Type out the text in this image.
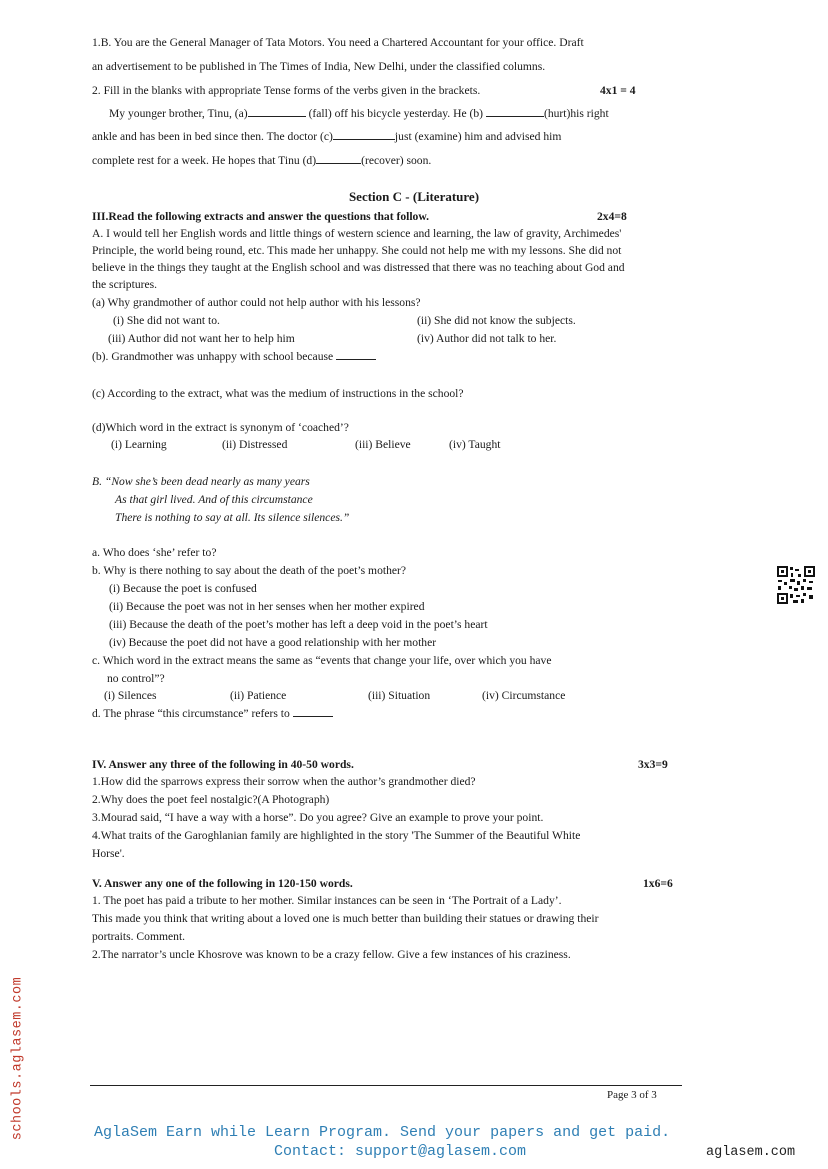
1.B. You are the General Manager of Tata Motors. You need a Chartered Accountant for your office. Draft
an advertisement to be published in The Times of India, New Delhi, under the classified columns.
2. Fill in the blanks with appropriate Tense forms of the verbs given in the brackets.	4x1 = 4
My younger brother, Tinu, (a)	(fall) off his bicycle yesterday. He (b)	(hurt)his right
ankle and has been in bed since then. The doctor (c)	just (examine) him and advised him
complete rest for a week. He hopes that Tinu (d)	(recover) soon.
Section C - (Literature)
III.Read the following extracts and answer the questions that follow.	2x4=8
A. I would tell her English words and little things of western science and learning, the law of gravity, Archimedes'
Principle, the world being round, etc. This made her unhappy. She could not help me with my lessons. She did not
believe in the things they taught at the English school and was distressed that there was no teaching about God and
the scriptures.
(a) Why grandmother of author could not help author with his lessons?
(i) She did not want to.	(ii) She did not know the subjects.
(iii) Author did not want her to help him	(iv) Author did not talk to her.
(b). Grandmother was unhappy with school because
(c) According to the extract, what was the medium of instructions in the school?
(d)Which word in the extract is synonym of ‘coached’?
(i) Learning	(ii) Distressed	(iii) Believe	(iv) Taught
B. “Now she’s been dead nearly as many years
As that girl lived. And of this circumstance
There is nothing to say at all. Its silence silences.”
a. Who does ‘she’ refer to?
b. Why is there nothing to say about the death of the poet’s mother?
(i) Because the poet is confused
(ii) Because the poet was not in her senses when her mother expired
(iii) Because the death of the poet’s mother has left a deep void in the poet’s heart
(iv) Because the poet did not have a good relationship with her mother
c. Which word in the extract means the same as “events that change your life, over which you have
no control”?
(i) Silences	(ii) Patience	(iii) Situation	(iv) Circumstance
d. The phrase “this circumstance” refers to
IV. Answer any three of the following in 40-50 words.	3x3=9
1.How did the sparrows express their sorrow when the author’s grandmother died?
2.Why does the poet feel nostalgic?(A Photograph)
3.Mourad said, “I have a way with a horse”. Do you agree? Give an example to prove your point.
4.What traits of the Garoghlanian family are highlighted in the story 'The Summer of the Beautiful White
Horse'.
V. Answer any one of the following in 120-150 words.	1x6=6
1. The poet has paid a tribute to her mother. Similar instances can be seen in ‘The Portrait of a Lady’.
This made you think that writing about a loved one is much better than building their statues or drawing their
portraits. Comment.
2.The narrator’s uncle Khosrove was known to be a crazy fellow. Give a few instances of his craziness.
Page 3 of 3
schools.aglasem.com	AglaSem Earn while Learn Program. Send your papers and get paid.
Contact: support@aglasem.com	aglasem.com
